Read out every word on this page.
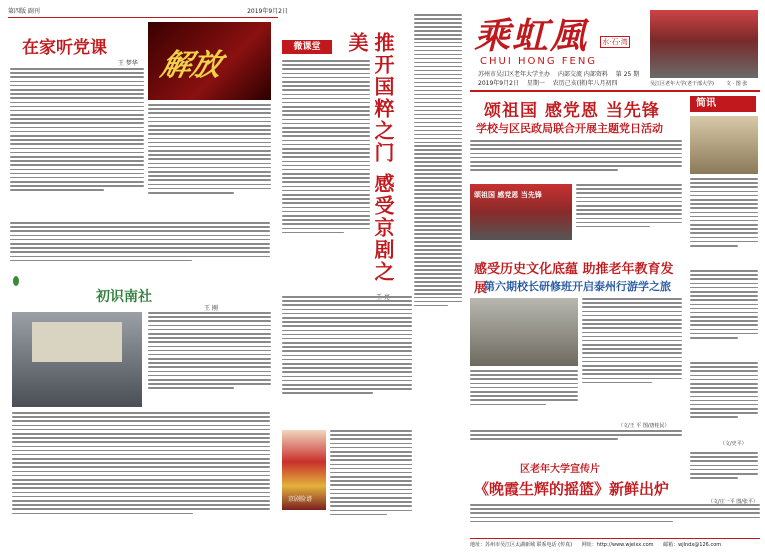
第四版 副刊	2019年9月2日
在家听党课	解放
王 梦华
初识南社
王 刚
微课堂	推开国粹之门 感受京剧之美
京剧脸谱
乘虹風	水·石·湾
CHUI HONG FENG
苏州市吴江区老年大学主办 内部交流 内部资料 第 25 期
2019年9月2日 星期一 农历己亥(猪)年八月初四	吴江区老年大学(老干部大学)	文 · 图 张
颂祖国 感党恩 当先锋
学校与区民政局联合开展主题党日活动
颂祖国 感党恩 当先锋
感受历史文化底蕴 助推老年教育发展
第六期校长研修班开启泰州行游学之旅
（文/王 平 图/唐桂民）
区老年大学宣传片
《晚霞生辉的摇篮》新鲜出炉
简讯
（文/史平）
（文/庄一平 图/张平）
地址：苏州市吴江区太湖新城 联系电话 (传真) 网址：http://www.wjelxx.com 邮箱：wjlndx@126.com
